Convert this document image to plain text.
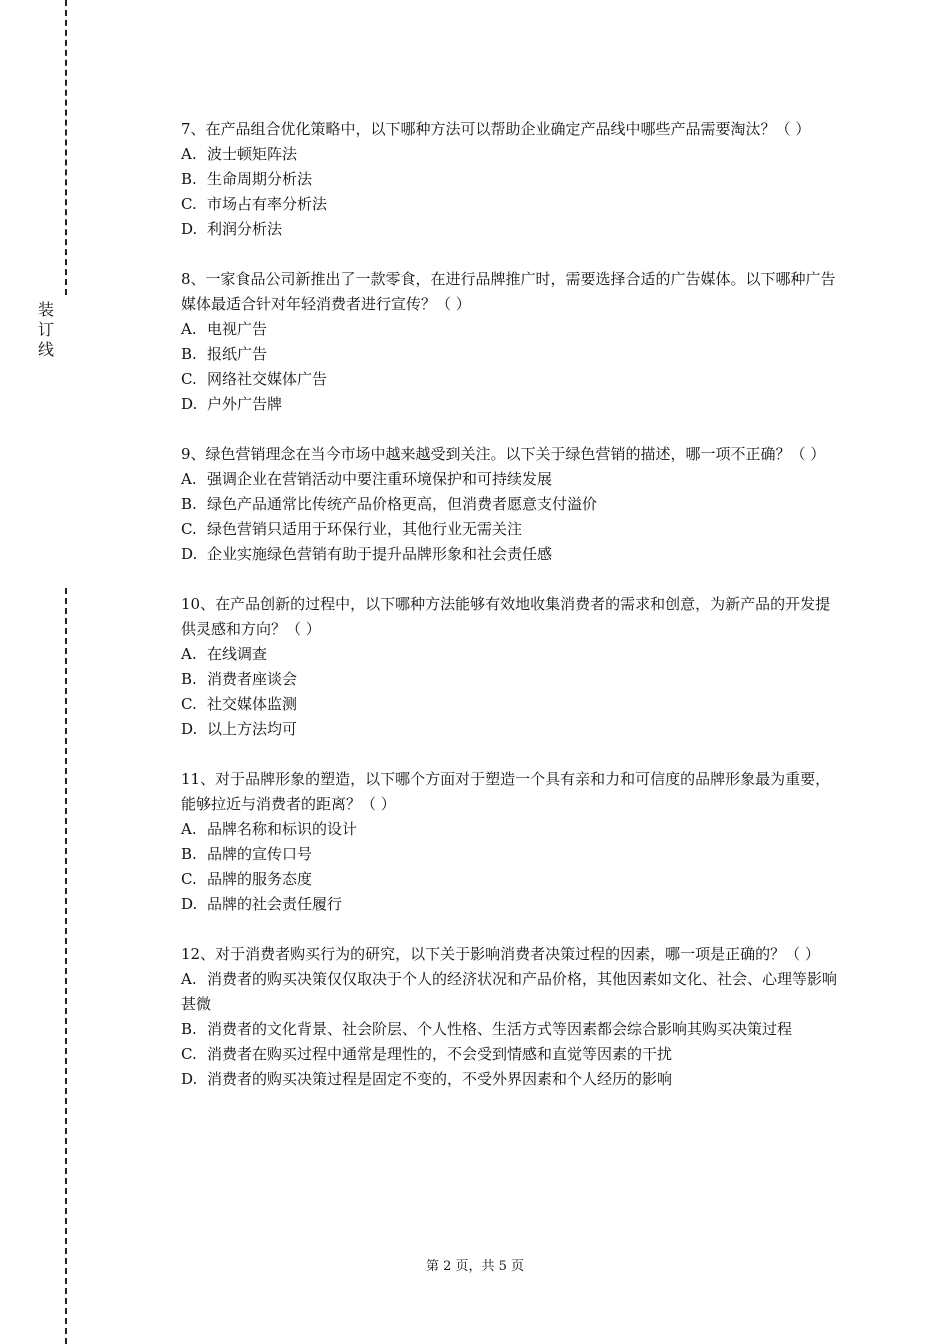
装
订
线

7、在产品组合优化策略中，以下哪种方法可以帮助企业确定产品线中哪些产品需要淘汰？（ ）

A. 波士顿矩阵法

B. 生命周期分析法

C. 市场占有率分析法

D. 利润分析法

8、一家食品公司新推出了一款零食，在进行品牌推广时，需要选择合适的广告媒体。以下哪种广告媒体最适合针对年轻消费者进行宣传？（ ）

A. 电视广告

B. 报纸广告

C. 网络社交媒体广告

D. 户外广告牌

9、绿色营销理念在当今市场中越来越受到关注。以下关于绿色营销的描述，哪一项不正确？（ ）

A. 强调企业在营销活动中要注重环境保护和可持续发展

B. 绿色产品通常比传统产品价格更高，但消费者愿意支付溢价

C. 绿色营销只适用于环保行业，其他行业无需关注

D. 企业实施绿色营销有助于提升品牌形象和社会责任感

10、在产品创新的过程中，以下哪种方法能够有效地收集消费者的需求和创意，为新产品的开发提供灵感和方向？（ ）

A. 在线调查

B. 消费者座谈会

C. 社交媒体监测

D. 以上方法均可

11、对于品牌形象的塑造，以下哪个方面对于塑造一个具有亲和力和可信度的品牌形象最为重要，能够拉近与消费者的距离？（ ）

A. 品牌名称和标识的设计

B. 品牌的宣传口号

C. 品牌的服务态度

D. 品牌的社会责任履行

12、对于消费者购买行为的研究，以下关于影响消费者决策过程的因素，哪一项是正确的？（ ）

A. 消费者的购买决策仅仅取决于个人的经济状况和产品价格，其他因素如文化、社会、心理等影响甚微

B. 消费者的文化背景、社会阶层、个人性格、生活方式等因素都会综合影响其购买决策过程

C. 消费者在购买过程中通常是理性的，不会受到情感和直觉等因素的干扰

D. 消费者的购买决策过程是固定不变的，不受外界因素和个人经历的影响

第 2 页，共 5 页
